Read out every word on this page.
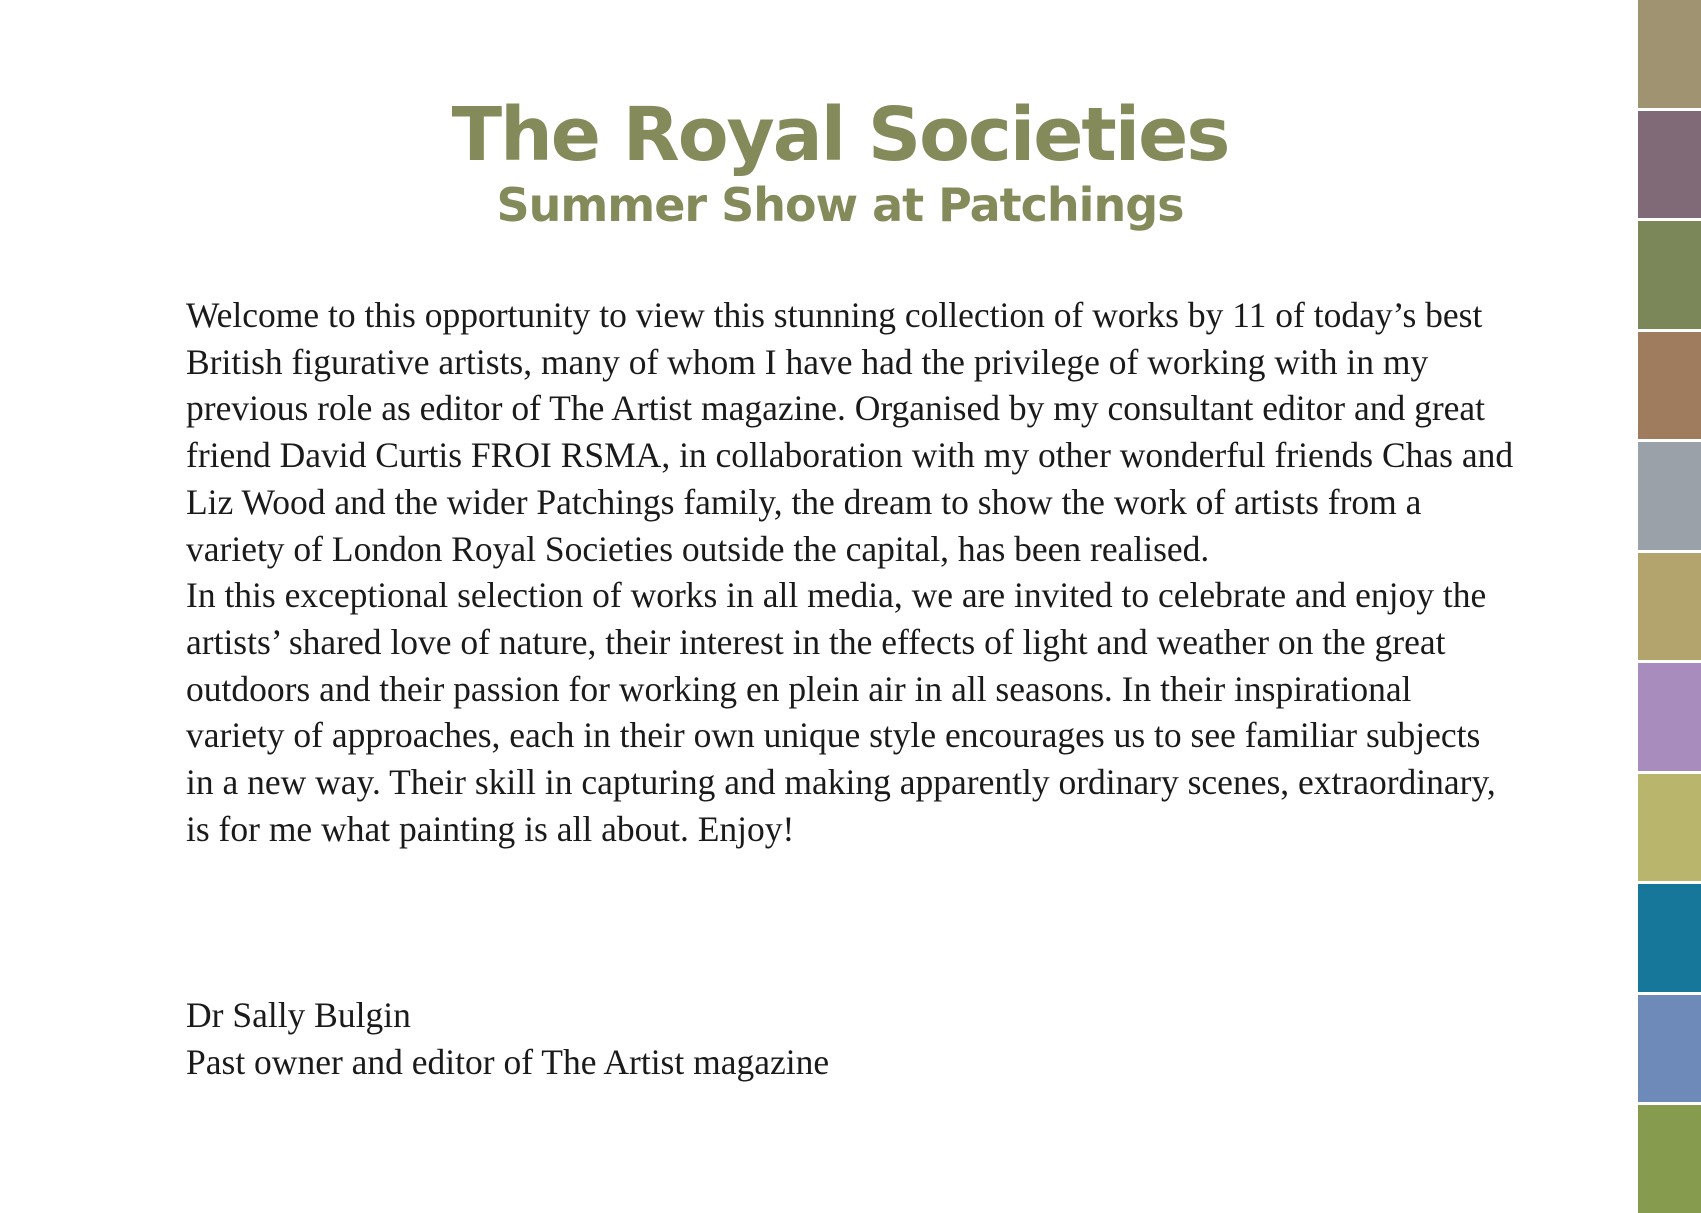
The Royal Societies
Summer Show at Patchings

Welcome to this opportunity to view this stunning collection of works by 11 of today’s best British figurative artists, many of whom I have had the privilege of working with in my previous role as editor of The Artist magazine. Organised by my consultant editor and great friend David Curtis FROI RSMA, in collaboration with my other wonderful friends Chas and Liz Wood and the wider Patchings family, the dream to show the work of artists from a variety of London Royal Societies outside the capital, has been realised.

In this exceptional selection of works in all media, we are invited to celebrate and enjoy the artists’ shared love of nature, their interest in the effects of light and weather on the great outdoors and their passion for working en plein air in all seasons. In their inspirational variety of approaches, each in their own unique style encourages us to see familiar subjects in a new way. Their skill in capturing and making apparently ordinary scenes, extraordinary, is for me what painting is all about. Enjoy!

Dr Sally Bulgin
Past owner and editor of The Artist magazine
